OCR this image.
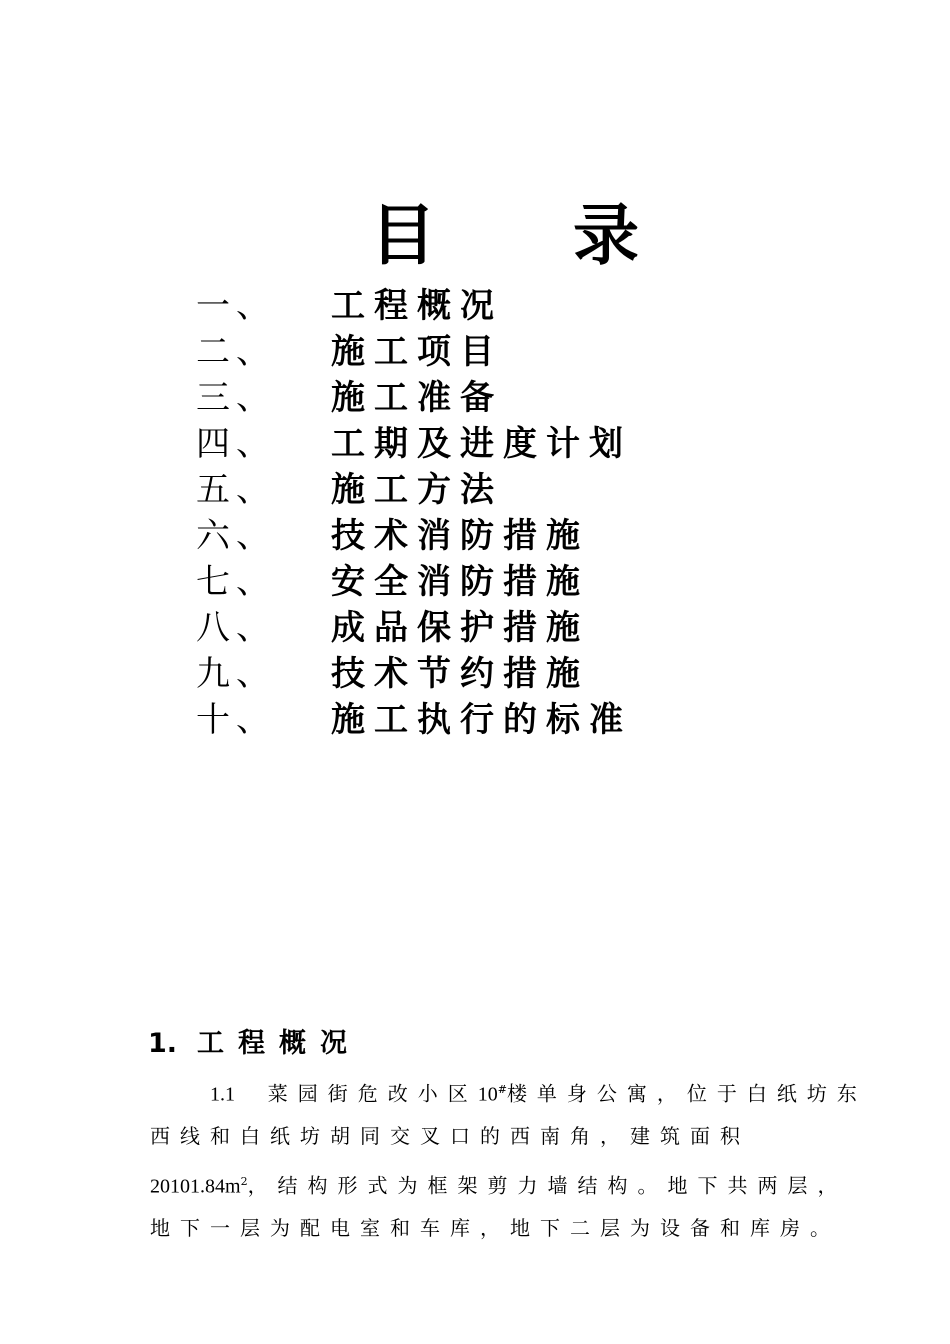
目 录
一、 工程概况
二、 施工项目
三、 施工准备
四、 工期及进度计划
五、 施工方法
六、 技术消防措施
七、 安全消防措施
八、 成品保护措施
九、 技术节约措施
十、 施工执行的标准
1. 工程概况
1.1 菜园街危改小区10#楼单身公寓，位于白纸坊东
西线和白纸坊胡同交叉口的西南角，建筑面积
$20101.84m^2$，结构形式为框架剪力墙结构。地下共两层，
地下一层为配电室和车库，地下二层为设备和库房。
